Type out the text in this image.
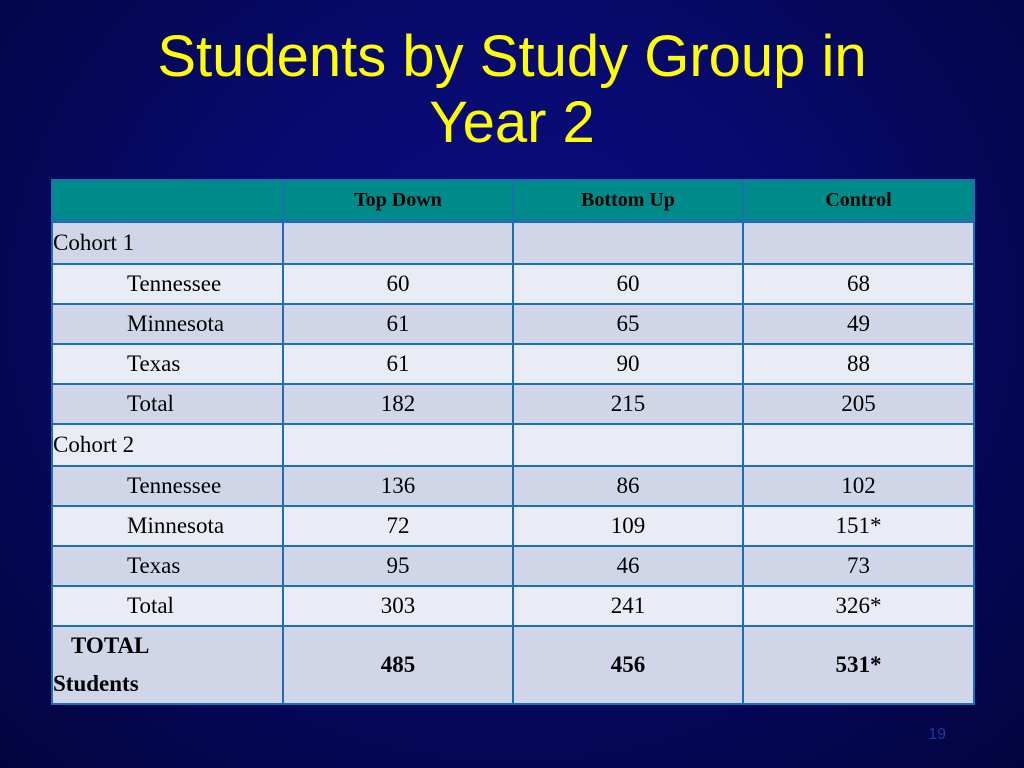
Students by Study Group in
Year 2
	Top Down	Bottom Up	Control
Cohort 1			
Tennessee	60	60	68
Minnesota	61	65	49
Texas	61	90	88
Total	182	215	205
Cohort 2			
Tennessee	136	86	102
Minnesota	72	109	151*
Texas	95	46	73
Total	303	241	326*

TOTAL
Students	485	456	531*
19
